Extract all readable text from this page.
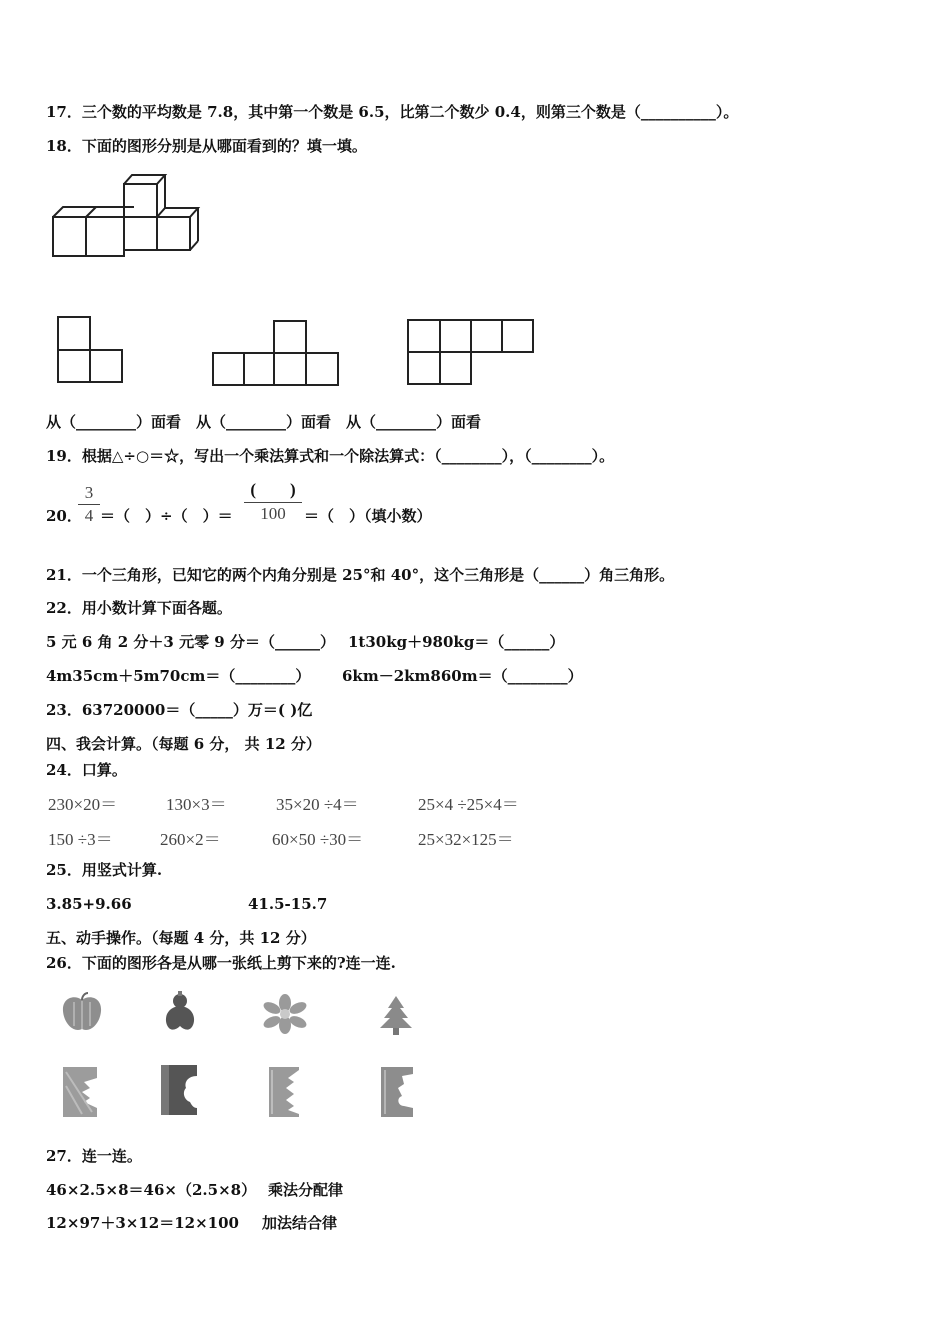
17．三个数的平均数是 7.8，其中第一个数是 6.5，比第二个数少 0.4，则第三个数是（__________）。
18．下面的图形分别是从哪面看到的？填一填。
从（________）面看　从（________）面看　从（________）面看
19．根据△÷○＝☆，写出一个乘法算式和一个除法算式：（________），（________）。
20．
3
4 ＝（　）÷（　）＝
(　　)
100	＝（　）（填小数）
21．一个三角形，已知它的两个内角分别是 25°和 40°，这个三角形是（______）角三角形。
22．用小数计算下面各题。
5 元 6 角 2 分＋3 元零 9 分＝（______） 1t30kg＋980kg＝（______）
4m35cm＋5m70cm＝（________） 6km－2km860m＝（________）
23．63720000＝（_____）万＝( )亿
四、我会计算。（每题 6 分， 共 12 分）
24．口算。
230×20＝	130×3＝	35×20 ÷4＝	25×4 ÷25×4＝
150 ÷3＝	260×2＝	60×50 ÷30＝	25×32×125＝
25．用竖式计算.
3.85+9.66	41.5-15.7
五、动手操作。（每题 4 分，共 12 分）
26．下面的图形各是从哪一张纸上剪下来的?连一连.
27．连一连。
46×2.5×8＝46×（2.5×8） 乘法分配律
12×97＋3×12＝12×100 加法结合律
